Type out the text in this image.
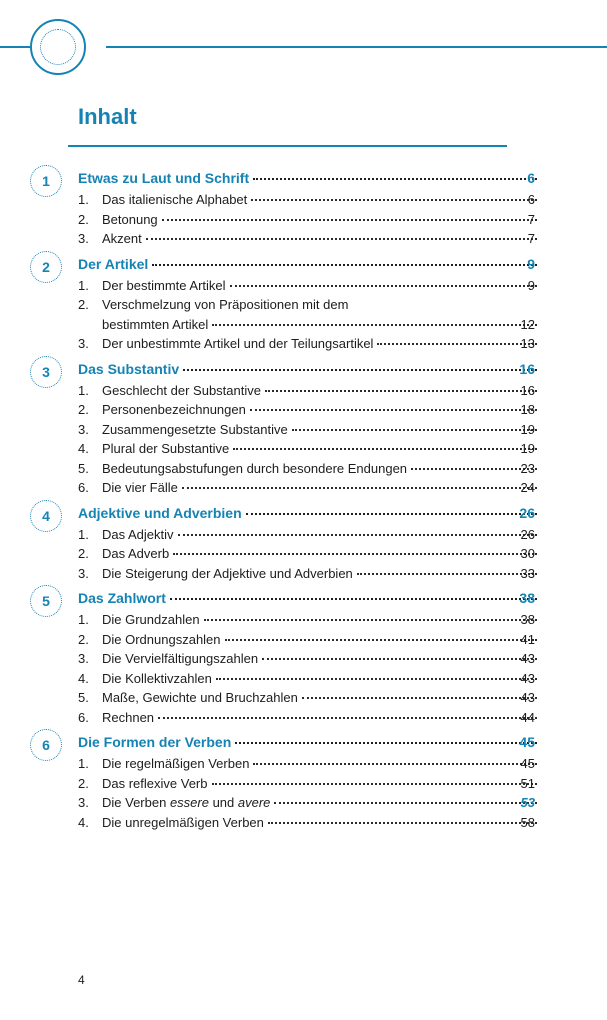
Inhalt
1	Etwas zu Laut und Schrift	6
1. Das italienische Alphabet	6
2. Betonung	7
3. Akzent	7
2	Der Artikel	9
1. Der bestimmte Artikel	9
2. Verschmelzung von Präpositionen mit dem
bestimmten Artikel	12
3. Der unbestimmte Artikel und der Teilungsartikel	13
3	Das Substantiv	16
1. Geschlecht der Substantive	16
2. Personenbezeichnungen	18
3. Zusammengesetzte Substantive	19
4. Plural der Substantive	19
5. Bedeutungsabstufungen durch besondere Endungen	23
6. Die vier Fälle	24
4	Adjektive und Adverbien	26
1. Das Adjektiv	26
2. Das Adverb	30
3. Die Steigerung der Adjektive und Adverbien	33
5	Das Zahlwort	38
1. Die Grundzahlen	38
2. Die Ordnungszahlen	41
3. Die Vervielfältigungszahlen	43
4. Die Kollektivzahlen	43
5. Maße, Gewichte und Bruchzahlen	43
6. Rechnen	44
6	Die Formen der Verben	45
1. Die regelmäßigen Verben	45
2. Das reflexive Verb	51
3. Die Verben essere und avere	53
4. Die unregelmäßigen Verben	58
4
